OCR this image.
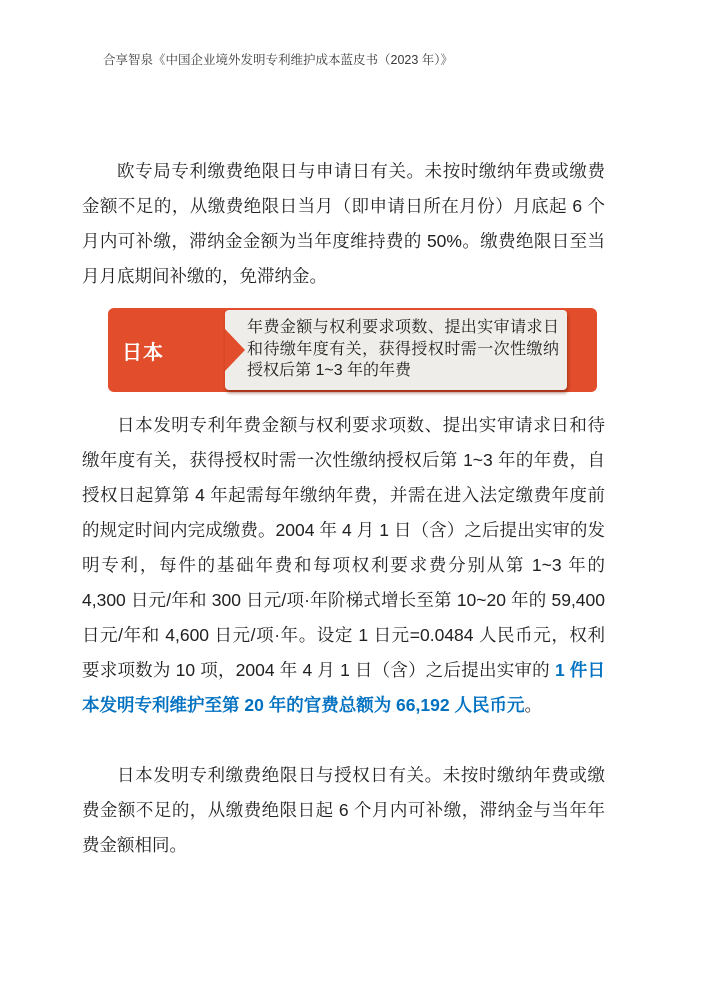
合享智泉《中国企业境外发明专利维护成本蓝皮书（2023 年）》

欧专局专利缴费绝限日与申请日有关。未按时缴纳年费或缴费金额不足的，从缴费绝限日当月（即申请日所在月份）月底起 6 个月内可补缴，滞纳金金额为当年度维持费的 50%。缴费绝限日至当月月底期间补缴的，免滞纳金。

日本
年费金额与权利要求项数、提出实审请求日和待缴年度有关，获得授权时需一次性缴纳授权后第 1~3 年的年费

日本发明专利年费金额与权利要求项数、提出实审请求日和待缴年度有关，获得授权时需一次性缴纳授权后第 1~3 年的年费，自授权日起算第 4 年起需每年缴纳年费，并需在进入法定缴费年度前的规定时间内完成缴费。2004 年 4 月 1 日（含）之后提出实审的发明专利，每件的基础年费和每项权利要求费分别从第 1~3 年的 4,300 日元/年和 300 日元/项·年阶梯式增长至第 10~20 年的 59,400 日元/年和 4,600 日元/项·年。设定 1 日元=0.0484 人民币元，权利要求项数为 10 项，2004 年 4 月 1 日（含）之后提出实审的 1 件日本发明专利维护至第 20 年的官费总额为 66,192 人民币元。

日本发明专利缴费绝限日与授权日有关。未按时缴纳年费或缴费金额不足的，从缴费绝限日起 6 个月内可补缴，滞纳金与当年年费金额相同。
